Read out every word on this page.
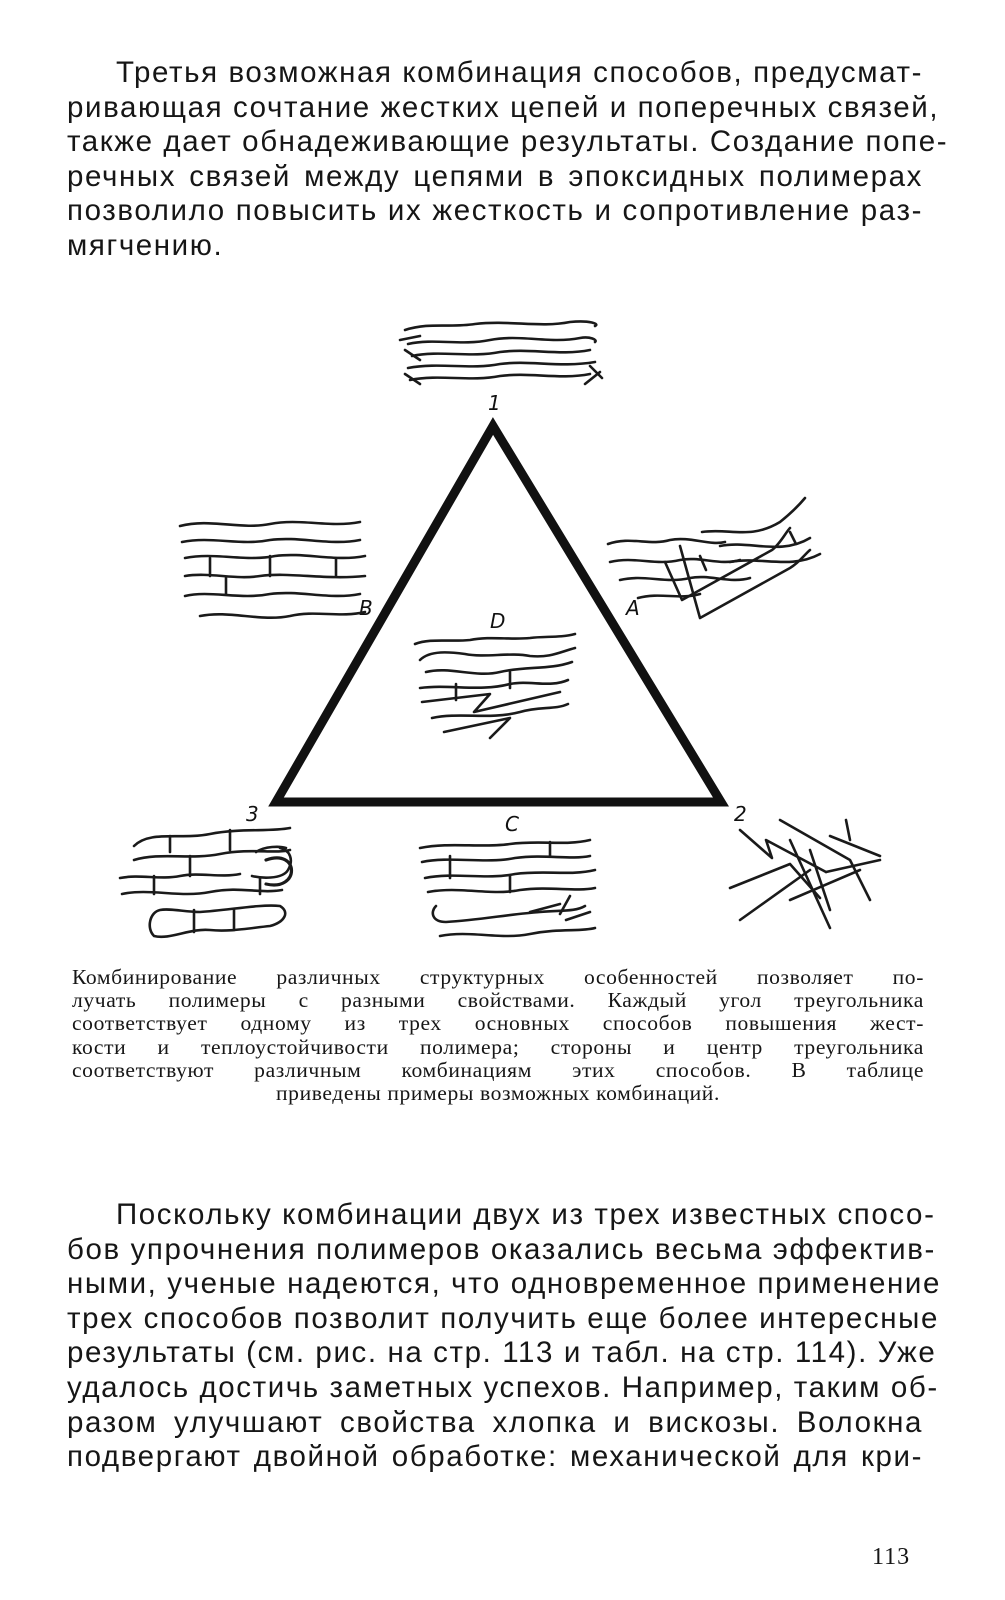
Третья возможная комбинация способов, предусмат-
ривающая сочтание жестких цепей и поперечных связей,
также дает обнадеживающие результаты. Создание попе-
речных связей между цепями в эпоксидных полимерах
позволило повысить их жесткость и сопротивление раз-
мягчению.
1
2
3
B	A
C
D
Комбинирование различных структурных особенностей позволяет по-
лучать полимеры с разными свойствами. Каждый угол треугольника
соответствует одному из трех основных способов повышения жест-
кости и теплоустойчивости полимера; стороны и центр треугольника
соответствуют различным комбинациям этих способов. В таблице
приведены примеры возможных комбинаций.
Поскольку комбинации двух из трех известных спосо-
бов упрочнения полимеров оказались весьма эффектив-
ными, ученые надеются, что одновременное применение
трех способов позволит получить еще более интересные
результаты (см. рис. на стр. 113 и табл. на стр. 114). Уже
удалось достичь заметных успехов. Например, таким об-
разом улучшают свойства хлопка и вискозы. Волокна
подвергают двойной обработке: механической для кри-
113
